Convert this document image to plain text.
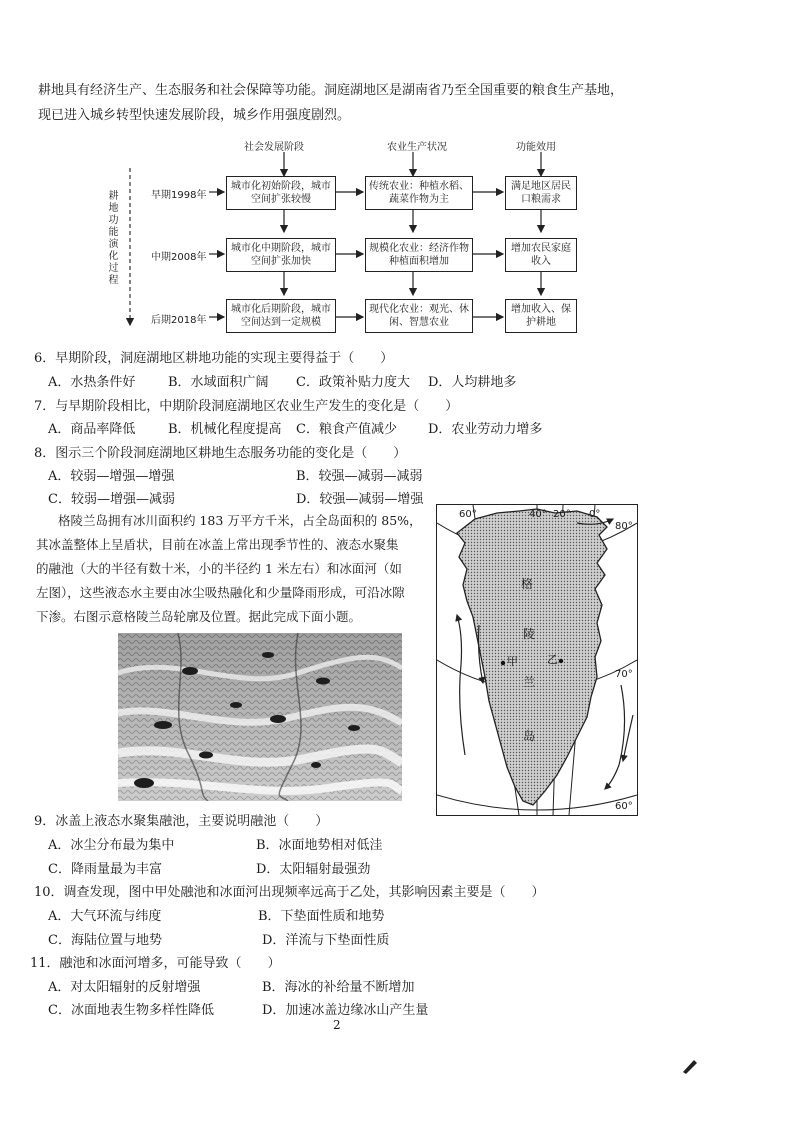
耕地具有经济生产、生态服务和社会保障等功能。洞庭湖地区是湖南省乃至全国重要的粮食生产基地，
现已进入城乡转型快速发展阶段，城乡作用强度剧烈。
社会发展阶段	农业生产状况	功能效用
耕地功能演化过程	早期1998年
中期2008年
后期2018年
城市化初始阶段，城市空间扩张较慢
传统农业：种植水稻、蔬菜作物为主
满足地区居民口粮需求
城市化中期阶段，城市空间扩张加快
规模化农业：经济作物种植面积增加
增加农民家庭收入
城市化后期阶段，城市空间达到一定规模
现代化农业：观光、休闲、智慧农业
增加收入、保护耕地
6．早期阶段，洞庭湖地区耕地功能的实现主要得益于（　　）
A．水热条件好	B．水域面积广阔 C．政策补贴力度大 D．人均耕地多
7．与早期阶段相比，中期阶段洞庭湖地区农业生产发生的变化是（　　）
A．商品率降低	B．机械化程度提高 C．粮食产值减少 D．农业劳动力增多
8．图示三个阶段洞庭湖地区耕地生态服务功能的变化是（　　）
A．较弱—增强—增强	B．较强—减弱—减弱
C．较弱—增强—减弱	D．较强—减弱—增强
格陵兰岛拥有冰川面积约 183 万平方千米，占全岛面积的 85%，
其冰盖整体上呈盾状，目前在冰盖上常出现季节性的、液态水聚集
的融池（大的半径有数十米，小的半径约 1 米左右）和冰面河（如
左图），这些液态水主要由冰尘吸热融化和少量降雨形成，可沿冰隙
下渗。右图示意格陵兰岛轮廓及位置。据此完成下面小题。
60°	40° 20° 0°
80°
70°
60°
格
陵
兰
岛
甲	乙
9．冰盖上液态水聚集融池，主要说明融池（　　）
A．冰尘分布最为集中	B．冰面地势相对低洼
C．降雨量最为丰富	D．太阳辐射最强劲
10．调查发现，图中甲处融池和冰面河出现频率远高于乙处，其影响因素主要是（　　）
A．大气环流与纬度	B．下垫面性质和地势
C．海陆位置与地势	D．洋流与下垫面性质
11．融池和冰面河增多，可能导致（　　）
A．对太阳辐射的反射增强	B．海冰的补给量不断增加
C．冰面地表生物多样性降低	D．加速冰盖边缘冰山产生量
2
